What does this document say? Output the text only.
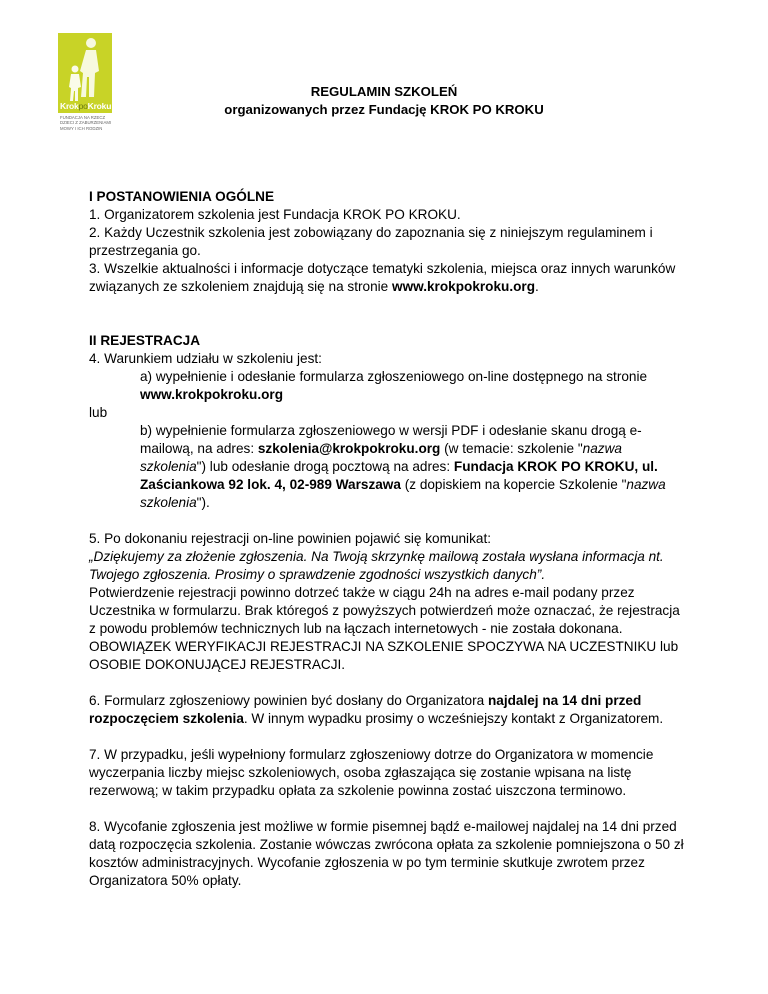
KrokpoKroku
FUNDACJA NA RZECZ DZIECI Z ZABURZENIAMI MOWY I ICH RODZIN
REGULAMIN SZKOLEŃ
organizowanych przez Fundację KROK PO KROKU

I POSTANOWIENIA OGÓLNE

1. Organizatorem szkolenia jest Fundacja KROK PO KROKU.

2. Każdy Uczestnik szkolenia jest zobowiązany do zapoznania się z niniejszym regulaminem i przestrzegania go.

3. Wszelkie aktualności i informacje dotyczące tematyki szkolenia, miejsca oraz innych warunków związanych ze szkoleniem znajdują się na stronie www.krokpokroku.org.

II REJESTRACJA

4. Warunkiem udziału w szkoleniu jest:

a) wypełnienie i odesłanie formularza zgłoszeniowego on-line dostępnego na stronie www.krokpokroku.org

lub

b) wypełnienie formularza zgłoszeniowego w wersji PDF i odesłanie skanu drogą e-mailową, na adres: szkolenia@krokpokroku.org (w temacie: szkolenie "nazwa szkolenia") lub odesłanie drogą pocztową na adres: Fundacja KROK PO KROKU, ul. Zaściankowa 92 lok. 4, 02-989 Warszawa (z dopiskiem na kopercie Szkolenie "nazwa szkolenia").

5. Po dokonaniu rejestracji on-line powinien pojawić się komunikat:

„Dziękujemy za złożenie zgłoszenia. Na Twoją skrzynkę mailową została wysłana informacja nt. Twojego zgłoszenia. Prosimy o sprawdzenie zgodności wszystkich danych”.

Potwierdzenie rejestracji powinno dotrzeć także w ciągu 24h na adres e-mail podany przez Uczestnika w formularzu. Brak któregoś z powyższych potwierdzeń może oznaczać, że rejestracja z powodu problemów technicznych lub na łączach internetowych - nie została dokonana.

OBOWIĄZEK WERYFIKACJI REJESTRACJI NA SZKOLENIE SPOCZYWA NA UCZESTNIKU lub OSOBIE DOKONUJĄCEJ REJESTRACJI.

6. Formularz zgłoszeniowy powinien być dosłany do Organizatora najdalej na 14 dni przed rozpoczęciem szkolenia. W innym wypadku prosimy o wcześniejszy kontakt z Organizatorem.

7. W przypadku, jeśli wypełniony formularz zgłoszeniowy dotrze do Organizatora w momencie wyczerpania liczby miejsc szkoleniowych, osoba zgłaszająca się zostanie wpisana na listę rezerwową; w takim przypadku opłata za szkolenie powinna zostać uiszczona terminowo.

8. Wycofanie zgłoszenia jest możliwe w formie pisemnej bądź e-mailowej najdalej na 14 dni przed datą rozpoczęcia szkolenia. Zostanie wówczas zwrócona opłata za szkolenie pomniejszona o 50 zł kosztów administracyjnych. Wycofanie zgłoszenia w po tym terminie skutkuje zwrotem przez Organizatora 50% opłaty.
